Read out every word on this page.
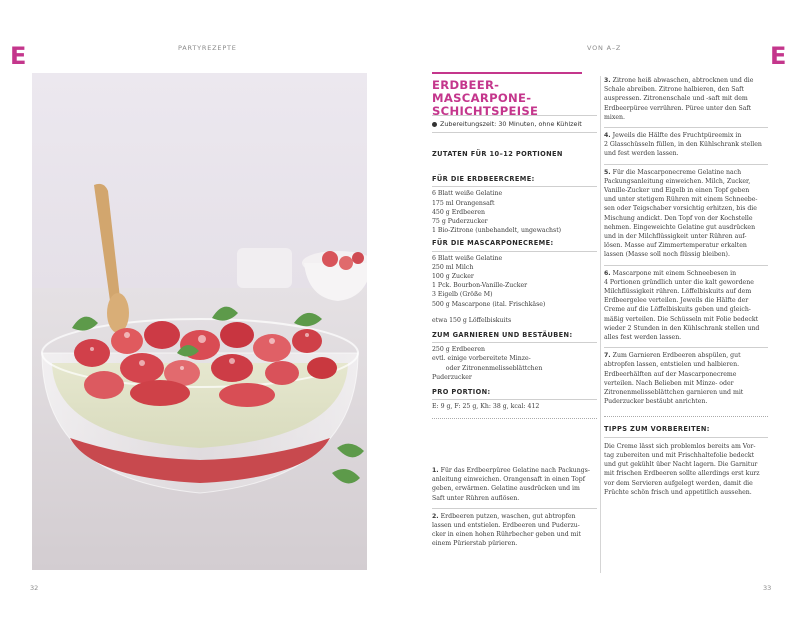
E	E
PARTYREZEPTE	VON A–Z
32	33
ERDBEER-MASCARPONE-
SCHICHTSPEISE
Zubereitungszeit: 30 Minuten, ohne Kühlzeit
ZUTATEN FÜR 10–12 PORTIONEN
FÜR DIE ERDBEERCREME:
6 Blatt weiße Gelatine
175 ml Orangensaft
450 g Erdbeeren
75 g Puderzucker
1 Bio-Zitrone (unbehandelt, ungewachst)
FÜR DIE MASCARPONECREME:
6 Blatt weiße Gelatine
250 ml Milch
100 g Zucker
1 Pck. Bourbon-Vanille-Zucker
3 Eigelb (Größe M)
500 g Mascarpone (ital. Frischkäse)
etwa 150 g Löffelbiskuits
ZUM GARNIEREN UND BESTÄUBEN:
250 g Erdbeeren
evtl. einige vorbereitete Minze-
oder Zitronenmelisseblättchen
Puderzucker
PRO PORTION:
E: 9 g, F: 25 g, Kh: 38 g, kcal: 412
1. Für das Erdbeerpüree Gelatine nach Packungs-
anleitung einweichen. Orangensaft in einen Topf
geben, erwärmen. Gelatine ausdrücken und im
Saft unter Rühren auflösen.
2. Erdbeeren putzen, waschen, gut abtropfen
lassen und entstielen. Erdbeeren und Puderzu-
cker in einen hohen Rührbecher geben und mit
einem Pürierstab pürieren.
3. Zitrone heiß abwaschen, abtrocknen und die
Schale abreiben. Zitrone halbieren, den Saft
auspressen. Zitronenschale und -saft mit dem
Erdbeerpüree verrühren. Püree unter den Saft
mixen.
4. Jeweils die Hälfte des Fruchtpüreemix in
2 Glasschüsseln füllen, in den Kühlschrank stellen
und fest werden lassen.
5. Für die Mascarponecreme Gelatine nach
Packungsanleitung einweichen. Milch, Zucker,
Vanille-Zucker und Eigelb in einen Topf geben
und unter stetigem Rühren mit einem Schneebe-
sen oder Teigschaber vorsichtig erhitzen, bis die
Mischung andickt. Den Topf von der Kochstelle
nehmen. Eingeweichte Gelatine gut ausdrücken
und in der Milchflüssigkeit unter Rühren auf-
lösen. Masse auf Zimmertemperatur erkalten
lassen (Masse soll noch flüssig bleiben).
6. Mascarpone mit einem Schneebesen in
4 Portionen gründlich unter die kalt gewordene
Milchflüssigkeit rühren. Löffelbiskuits auf dem
Erdbeergelee verteilen. Jeweils die Hälfte der
Creme auf die Löffelbiskuits geben und gleich-
mäßig verteilen. Die Schüsseln mit Folie bedeckt
wieder 2 Stunden in den Kühlschrank stellen und
alles fest werden lassen.
7. Zum Garnieren Erdbeeren abspülen, gut
abtropfen lassen, entstielen und halbieren.
Erdbeerhälften auf der Mascarponecreme
verteilen. Nach Belieben mit Minze- oder
Zitronenmelisseblättchen garnieren und mit
Puderzucker bestäubt anrichten.
TIPPS ZUM VORBEREITEN:
Die Creme lässt sich problemlos bereits am Vor-
tag zubereiten und mit Frischhaltefolie bedeckt
und gut gekühlt über Nacht lagern. Die Garnitur
mit frischen Erdbeeren sollte allerdings erst kurz
vor dem Servieren aufgelegt werden, damit die
Früchte schön frisch und appetitlich aussehen.
